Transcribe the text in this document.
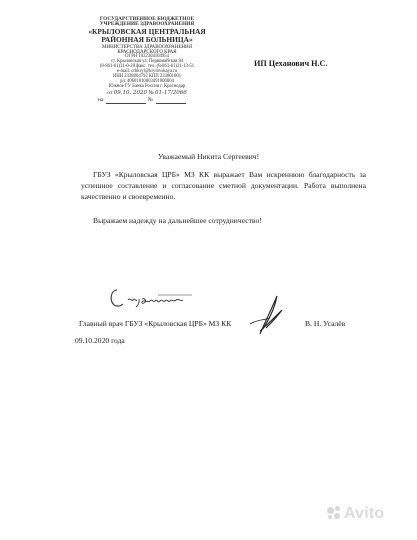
ГОСУДАРСТВЕННОЕ БЮДЖЕТНОЕ УЧРЕЖДЕНИЕ ЗДРАВООХРАНЕНИЯ
«КРЫЛОВСКАЯ ЦЕНТРАЛЬНАЯ РАЙОННАЯ БОЛЬНИЦА»
МИНИСТЕРСТВА ЗДРАВООХРАНЕНИЯ КРАСНОДАРСКОГО КРАЯ
ОГРН 1022304104954
ст. Крыловская ул. Первомайская 84
(8-861-61)31-0-28 факс. тел. (8-861-61)31-13-51
e-mail: crbkryl@krylovskaya.ru
ИНН 2338004792 КПП 233801001
р/с 40601810603491000004
Южное ГУ Банка России г. Краснодар
от 09.10. 2020 № 01-17/2066
на	№
ИП Цеханович Н.С.
Уважаемый Никита Сергеевич!
ГБУЗ «Крыловская ЦРБ» МЗ КК выражает Вам искреннюю благодарность за успешное составление и согласование сметной документации. Работа выполнена качественно и своевременно.
Выражаем надежду на дальнейшее сотрудничество!
Главный врач ГБУЗ «Крыловская ЦРБ» МЗ КК	В. Н. Усалёв
09.10.2020 года
Avito
